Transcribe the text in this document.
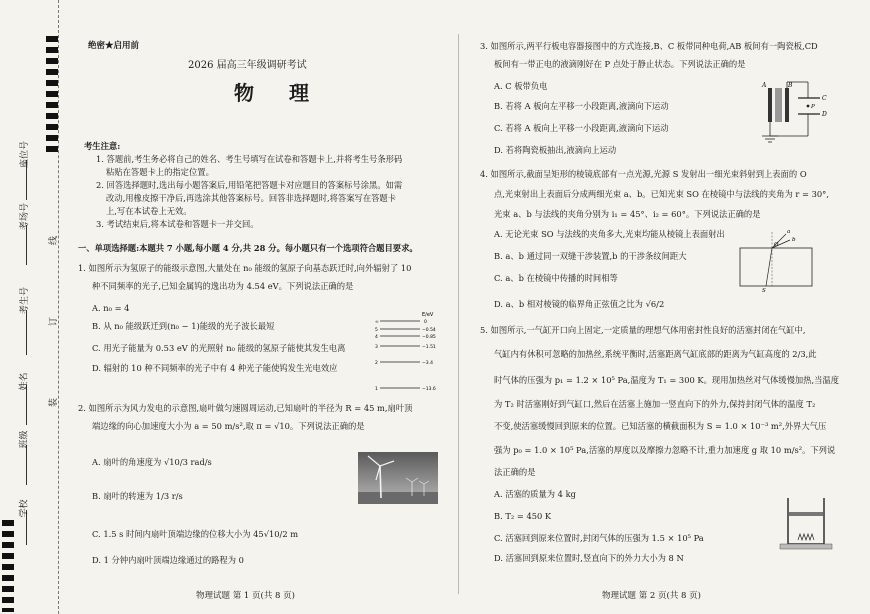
座位号
考场号
考生号
姓名
班级
学校
线
订
装
绝密★启用前
2026 届高三年级调研考试
物 理
考生注意:
1. 答题前,考生务必将自己的姓名、考生号填写在试卷和答题卡上,并将考生号条形码
粘贴在答题卡上的指定位置。
2. 回答选择题时,选出每小题答案后,用铅笔把答题卡对应题目的答案标号涂黑。如需
改动,用橡皮擦干净后,再选涂其他答案标号。回答非选择题时,将答案写在答题卡
上,写在本试卷上无效。
3. 考试结束后,将本试卷和答题卡一并交回。
一、单项选择题:本题共 7 小题,每小题 4 分,共 28 分。每小题只有一个选项符合题目要求。
1. 如图所示为氢原子的能级示意图,大量处在 n₀ 能级的氢原子向基态跃迁时,向外辐射了 10
种不同频率的光子,已知金属钨的逸出功为 4.54 eV。下列说法正确的是
A. n₀ = 4
B. 从 n₀ 能级跃迁到(n₀ − 1)能级的光子波长最短
C. 用光子能量为 0.53 eV 的光照射 n₀ 能级的氢原子能使其发生电离
D. 辐射的 10 种不同频率的光子中有 4 种光子能使钨发生光电效应
E/eV
∞	0
5	−0.54
4	−0.85
3	−1.51
2	−3.4
1	−13.6
2. 如图所示为风力发电的示意图,扇叶做匀速圆周运动,已知扇叶的半径为 R = 45 m,扇叶顶
端边缘的向心加速度大小为 a = 50 m/s²,取 π = √10。下列说法正确的是
A. 扇叶的角速度为 √10/3 rad/s
B. 扇叶的转速为 1/3 r/s
C. 1.5 s 时间内扇叶顶端边缘的位移大小为 45√10/2 m
D. 1 分钟内扇叶顶端边缘通过的路程为 0
物理试题 第 1 页(共 8 页)
3. 如图所示,两平行板电容器接图中的方式连接,B、C 板带同种电荷,AB 板间有一陶瓷板,CD
板间有一带正电的液滴刚好在 P 点处于静止状态。下列说法正确的是
A. C 板带负电
B. 若将 A 板向左平移一小段距离,液滴向下运动
C. 若将 A 板向上平移一小段距离,液滴向下运动
D. 若将陶瓷板抽出,液滴向上运动
A	B
C
D
P
4. 如图所示,截面呈矩形的棱镜底部有一点光源,光源 S 发射出一细光束斜射到上表面的 O
点,光束射出上表面后分成两细光束 a、b。已知光束 SO 在棱镜中与法线的夹角为 r = 30°,
光束 a、b 与法线的夹角分别为 i₁ = 45°、i₂ = 60°。下列说法正确的是
A. 无论光束 SO 与法线的夹角多大,光束均能从棱镜上表面射出
B. a、b 通过同一双缝干涉装置,b 的干涉条纹间距大
C. a、b 在棱镜中传播的时间相等
D. a、b 相对棱镜的临界角正弦值之比为 √6/2
a
b
O
S
5. 如图所示,一气缸开口向上固定,一定质量的理想气体用密封性良好的活塞封闭在气缸中,
气缸内有休积可忽略的加热丝,系统平衡时,活塞距离气缸底部的距离为气缸高度的 2/3,此
时气体的压强为 p₁ = 1.2 × 10⁵ Pa,温度为 T₁ = 300 K。现用加热丝对气体缓慢加热,当温度
为 T₂ 时活塞刚好到气缸口,然后在活塞上施加一竖直向下的外力,保持封闭气体的温度 T₂
不变,使活塞缓慢回到原来的位置。已知活塞的横截面积为 S = 1.0 × 10⁻³ m²,外界大气压
强为 p₀ = 1.0 × 10⁵ Pa,活塞的厚度以及摩擦力忽略不计,重力加速度 g 取 10 m/s²。下列说
法正确的是
A. 活塞的质量为 4 kg
B. T₂ = 450 K
C. 活塞回到原来位置时,封闭气体的压强为 1.5 × 10⁵ Pa
D. 活塞回到原来位置时,竖直向下的外力大小为 8 N
物理试题 第 2 页(共 8 页)
